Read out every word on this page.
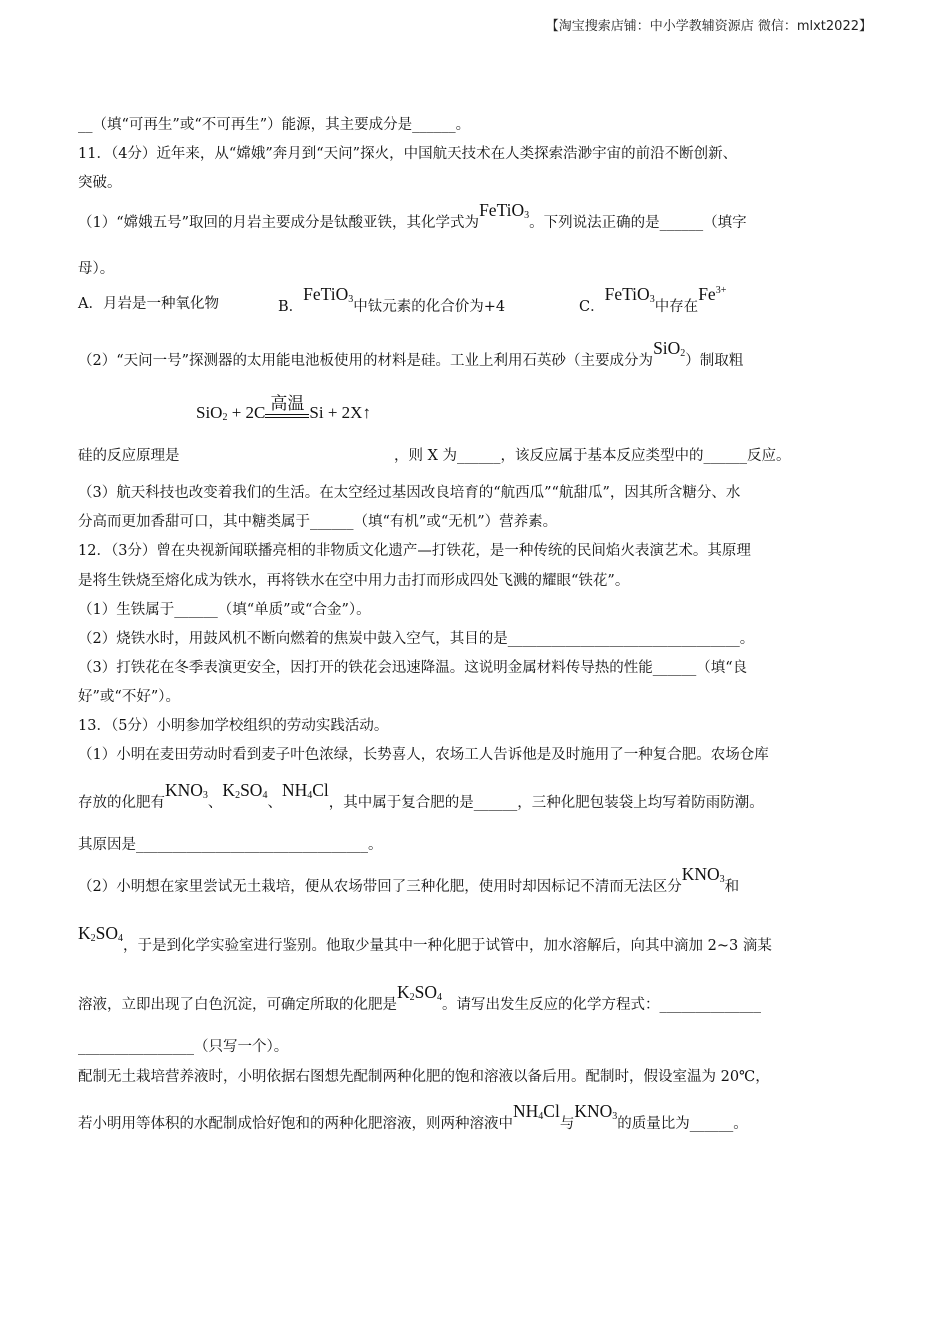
【淘宝搜索店铺：中小学教辅资源店 微信：mlxt2022】
__（填“可再生”或“不可再生”）能源，其主要成分是______。
11．（4分）近年来，从“嫦娥”奔月到“天问”探火，中国航天技术在人类探索浩渺宇宙的前沿不断创新、
突破。
（1）“嫦娥五号”取回的月岩主要成分是钛酸亚铁，其化学式为FeTiO$_3$。下列说法正确的是______（填字
母）。
A．月岩是一种氧化物	B．FeTiO$_3$中钛元素的化合价为+4	C．FeTiO$_3$中存在$Fe^{3+}$
（2）“天问一号”探测器的太用能电池板使用的材料是硅。工业上利用石英砂（主要成分为SiO$_2$）制取粗
SiO$_2$ + 2C 高温 Si + 2X↑
硅的反应原理是	，则 X 为______，该反应属于基本反应类型中的______反应。
（3）航天科技也改变着我们的生活。在太空经过基因改良培育的“航西瓜”“航甜瓜”，因其所含糖分、水
分高而更加香甜可口，其中糖类属于______（填“有机”或“无机”）营养素。
12．（3分）曾在央视新闻联播亮相的非物质文化遗产—打铁花，是一种传统的民间焰火表演艺术。其原理
是将生铁烧至熔化成为铁水，再将铁水在空中用力击打而形成四处飞溅的耀眼“铁花”。
（1）生铁属于______（填“单质”或“合金”）。
（2）烧铁水时，用鼓风机不断向燃着的焦炭中鼓入空气，其目的是________________________________。
（3）打铁花在冬季表演更安全，因打开的铁花会迅速降温。这说明金属材料传导热的性能______（填“良
好”或“不好”）。
13．（5分）小明参加学校组织的劳动实践活动。
（1）小明在麦田劳动时看到麦子叶色浓绿，长势喜人，农场工人告诉他是及时施用了一种复合肥。农场仓库
存放的化肥有$KNO_3$、$K_2SO_4$、$NH_4Cl$，其中属于复合肥的是______，三种化肥包装袋上均写着防雨防潮。
其原因是________________________________。
（2）小明想在家里尝试无土栽培，便从农场带回了三种化肥，使用时却因标记不清而无法区分$KNO_3$和
$K_2SO_4$，于是到化学实验室进行鉴别。他取少量其中一种化肥于试管中，加水溶解后，向其中滴加 2~3 滴某
溶液，立即出现了白色沉淀，可确定所取的化肥是$K_2SO_4$。请写出发生反应的化学方程式：______________
________________（只写一个）。
配制无土栽培营养液时，小明依据右图想先配制两种化肥的饱和溶液以备后用。配制时，假设室温为 20℃，
若小明用等体积的水配制成恰好饱和的两种化肥溶液，则两种溶液中$NH_4Cl$与$KNO_3$的质量比为______。
